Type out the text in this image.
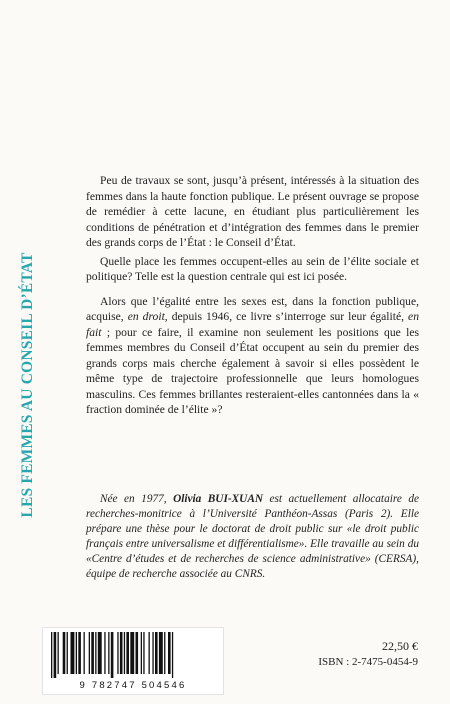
LES FEMMES AU CONSEIL D’ÉTAT

Peu de travaux se sont, jusqu’à présent, intéressés à la situation des femmes dans la haute fonction publique. Le présent ouvrage se propose de remédier à cette lacune, en étudiant plus particulièrement les conditions de pénétration et d’intégration des femmes dans le premier des grands corps de l’État : le Conseil d’État.

Quelle place les femmes occupent-elles au sein de l’élite sociale et politique? Telle est la question centrale qui est ici posée.

Alors que l’égalité entre les sexes est, dans la fonction publique, acquise, en droit, depuis 1946, ce livre s’interroge sur leur égalité, en fait ; pour ce faire, il examine non seulement les positions que les femmes membres du Conseil d’État occupent au sein du premier des grands corps mais cherche également à savoir si elles possèdent le même type de trajectoire professionnelle que leurs homologues masculins. Ces femmes brillantes resteraient-elles cantonnées dans la « fraction dominée de l’élite »?

Née en 1977, Olivia BUI-XUAN est actuellement allocataire de recherches-monitrice à l’Université Panthéon-Assas (Paris 2). Elle prépare une thèse pour le doctorat de droit public sur «le droit public français entre universalisme et différentialisme». Elle travaille au sein du «Centre d’études et de recherches de science administrative» (CERSA), équipe de recherche associée au CNRS.

9 782747 504546
22,50 €
ISBN : 2-7475-0454-9
